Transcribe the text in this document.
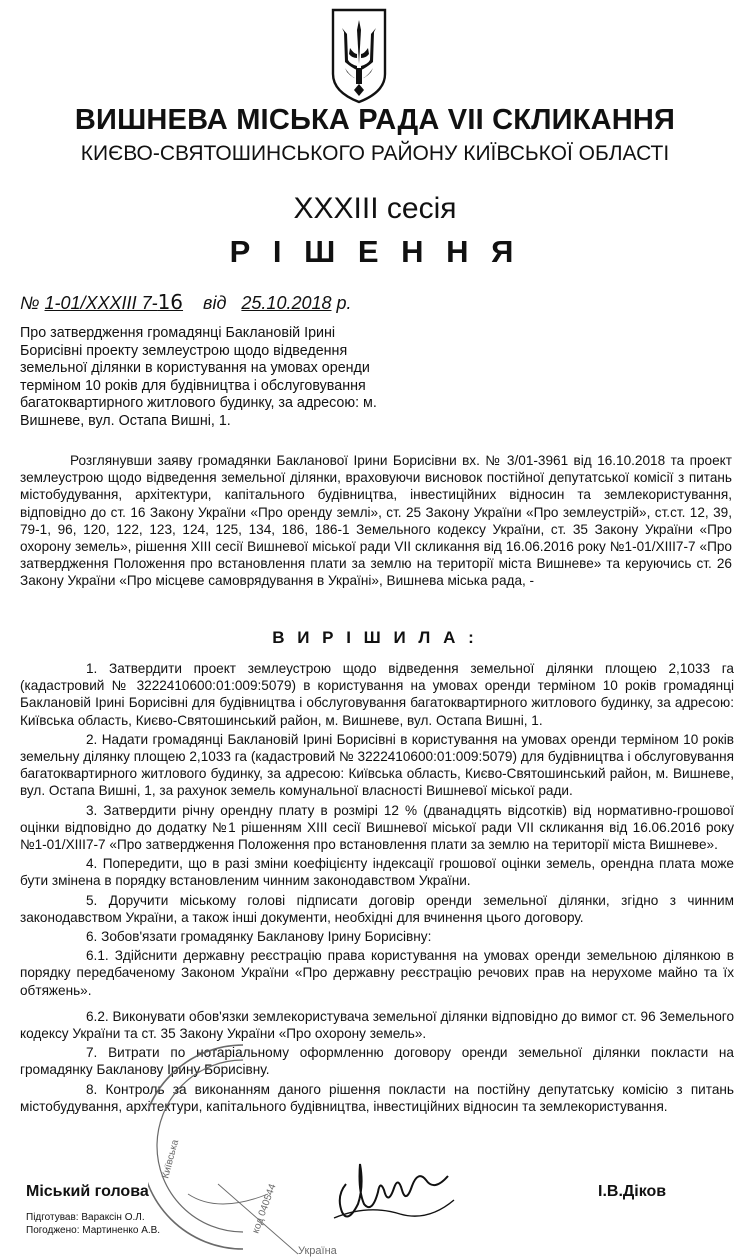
ВИШНЕВА МІСЬКА РАДА VII СКЛИКАННЯ
КИЄВО-СВЯТОШИНСЬКОГО РАЙОНУ КИЇВСЬКОЇ ОБЛАСТІ
XXXIII сесія
Р І Ш Е Н Н Я
№ 1-01/XXXIII 7-16 від 25.10.2018 р.
Про затвердження громадянці Баклановій Ірині Борисівні проекту землеустрою щодо відведення земельної ділянки в користування на умовах оренди терміном 10 років для будівництва і обслуговування багатоквартирного житлового будинку, за адресою: м. Вишневе, вул. Остапа Вишні, 1.
Розглянувши заяву громадянки Бакланової Ірини Борисівни вх. № 3/01-3961 від 16.10.2018 та проект землеустрою щодо відведення земельної ділянки, враховуючи висновок постійної депутатської комісії з питань містобудування, архітектури, капітального будівництва, інвестиційних відносин та землекористування, відповідно до ст. 16 Закону України «Про оренду землі», ст. 25 Закону України «Про землеустрій», ст.ст. 12, 39, 79-1, 96, 120, 122, 123, 124, 125, 134, 186, 186-1 Земельного кодексу України, ст. 35 Закону України «Про охорону земель», рішення XIII сесії Вишневої міської ради VII скликання від 16.06.2016 року №1-01/XIII7-7 «Про затвердження Положення про встановлення плати за землю на території міста Вишневе» та керуючись ст. 26 Закону України «Про місцеве самоврядування в Україні», Вишнева міська рада, -
В И Р І Ш И Л А :

1. Затвердити проект землеустрою щодо відведення земельної ділянки площею 2,1033 га (кадастровий № 3222410600:01:009:5079) в користування на умовах оренди терміном 10 років громадянці Баклановій Ірині Борисівні для будівництва і обслуговування багатоквартирного житлового будинку, за адресою: Київська область, Києво-Святошинський район, м. Вишневе, вул. Остапа Вишні, 1.

2. Надати громадянці Баклановій Ірині Борисівні в користування на умовах оренди терміном 10 років земельну ділянку площею 2,1033 га (кадастровий № 3222410600:01:009:5079) для будівництва і обслуговування багатоквартирного житлового будинку, за адресою: Київська область, Києво-Святошинський район, м. Вишневе, вул. Остапа Вишні, 1, за рахунок земель комунальної власності Вишневої міської ради.

3. Затвердити річну орендну плату в розмірі 12 % (дванадцять відсотків) від нормативно-грошової оцінки відповідно до додатку №1 рішенням XIII сесії Вишневої міської ради VII скликання від 16.06.2016 року №1-01/XIII7-7 «Про затвердження Положення про встановлення плати за землю на території міста Вишневе».

4. Попередити, що в разі зміни коефіцієнту індексації грошової оцінки земель, орендна плата може бути змінена в порядку встановленим чинним законодавством України.

5. Доручити міському голові підписати договір оренди земельної ділянки, згідно з чинним законодавством України, а також інші документи, необхідні для вчинення цього договору.

6. Зобов'язати громадянку Бакланову Ірину Борисівну:

6.1. Здійснити державну реєстрацію права користування на умовах оренди земельною ділянкою в порядку передбаченому Законом України «Про державну реєстрацію речових прав на нерухоме майно та їх обтяжень».

6.2. Виконувати обов'язки землекористувача земельної ділянки відповідно до вимог ст. 96 Земельного кодексу України та ст. 35 Закону України «Про охорону земель».

7. Витрати по нотаріальному оформленню договору оренди земельної ділянки покласти на громадянку Бакланову Ірину Борисівну.

8. Контроль за виконанням даного рішення покласти на постійну депутатську комісію з питань містобудування, архітектури, капітального будівництва, інвестиційних відносин та землекористування.

Україна
код 040544
Київська
Міський голова	І.В.Діков
Підготував: Вараксін О.Л.
Погоджено: Мартиненко А.В.
